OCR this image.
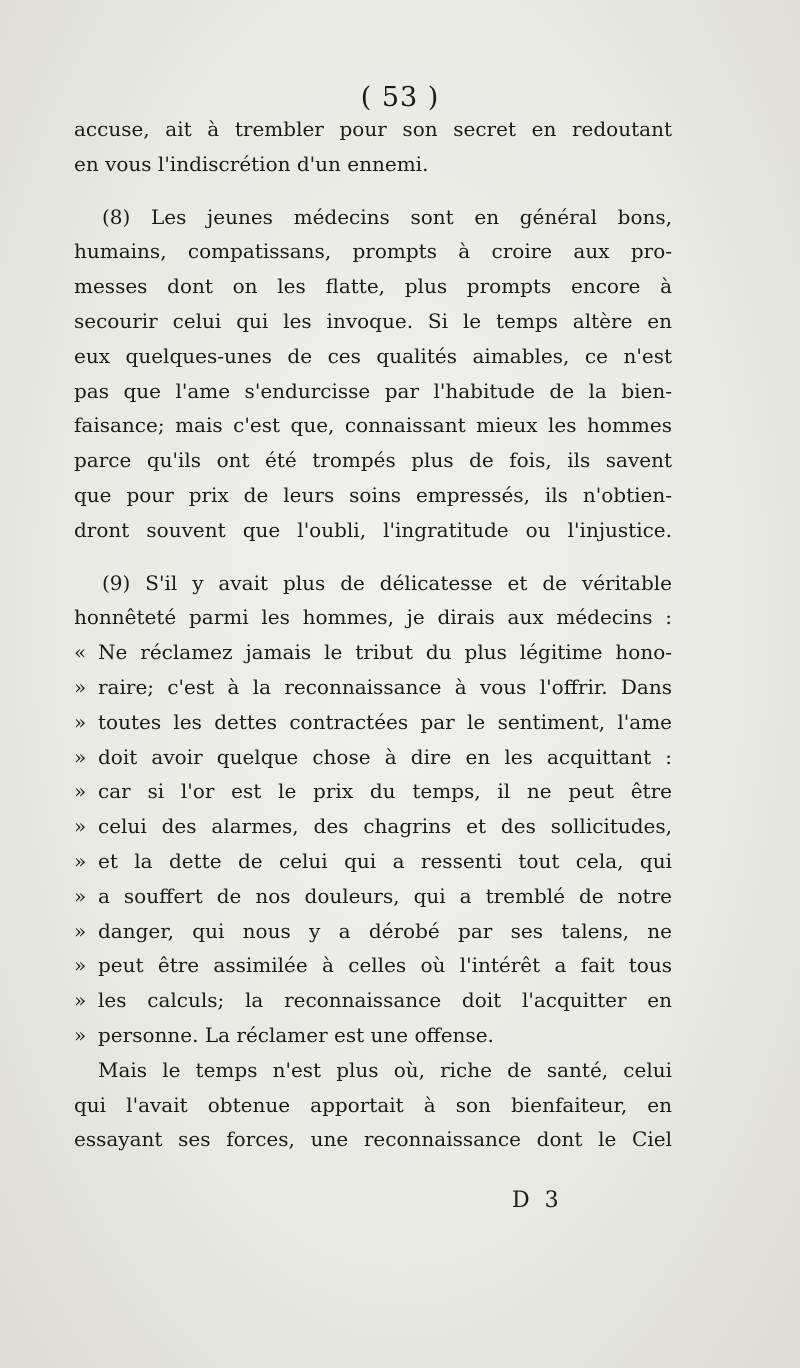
( 53 )
accuse, ait à trembler pour son secret en redoutant
en vous l'indiscrétion d'un ennemi.
(8) Les jeunes médecins sont en général bons,
humains, compatissans, prompts à croire aux pro-
messes dont on les flatte, plus prompts encore à
secourir celui qui les invoque. Si le temps altère en
eux quelques-unes de ces qualités aimables, ce n'est
pas que l'ame s'endurcisse par l'habitude de la bien-
faisance; mais c'est que, connaissant mieux les hommes
parce qu'ils ont été trompés plus de fois, ils savent
que pour prix de leurs soins empressés, ils n'obtien-
dront souvent que l'oubli, l'ingratitude ou l'injustice.
(9) S'il y avait plus de délicatesse et de véritable
honnêteté parmi les hommes, je dirais aux médecins :
« Ne réclamez jamais le tribut du plus légitime hono-
» raire; c'est à la reconnaissance à vous l'offrir. Dans
» toutes les dettes contractées par le sentiment, l'ame
» doit avoir quelque chose à dire en les acquittant :
» car si l'or est le prix du temps, il ne peut être
» celui des alarmes, des chagrins et des sollicitudes,
» et la dette de celui qui a ressenti tout cela, qui
» a souffert de nos douleurs, qui a tremblé de notre
» danger, qui nous y a dérobé par ses talens, ne
» peut être assimilée à celles où l'intérêt a fait tous
» les calculs; la reconnaissance doit l'acquitter en
» personne. La réclamer est une offense.
Mais le temps n'est plus où, riche de santé, celui
qui l'avait obtenue apportait à son bienfaiteur, en
essayant ses forces, une reconnaissance dont le Ciel
D 3
